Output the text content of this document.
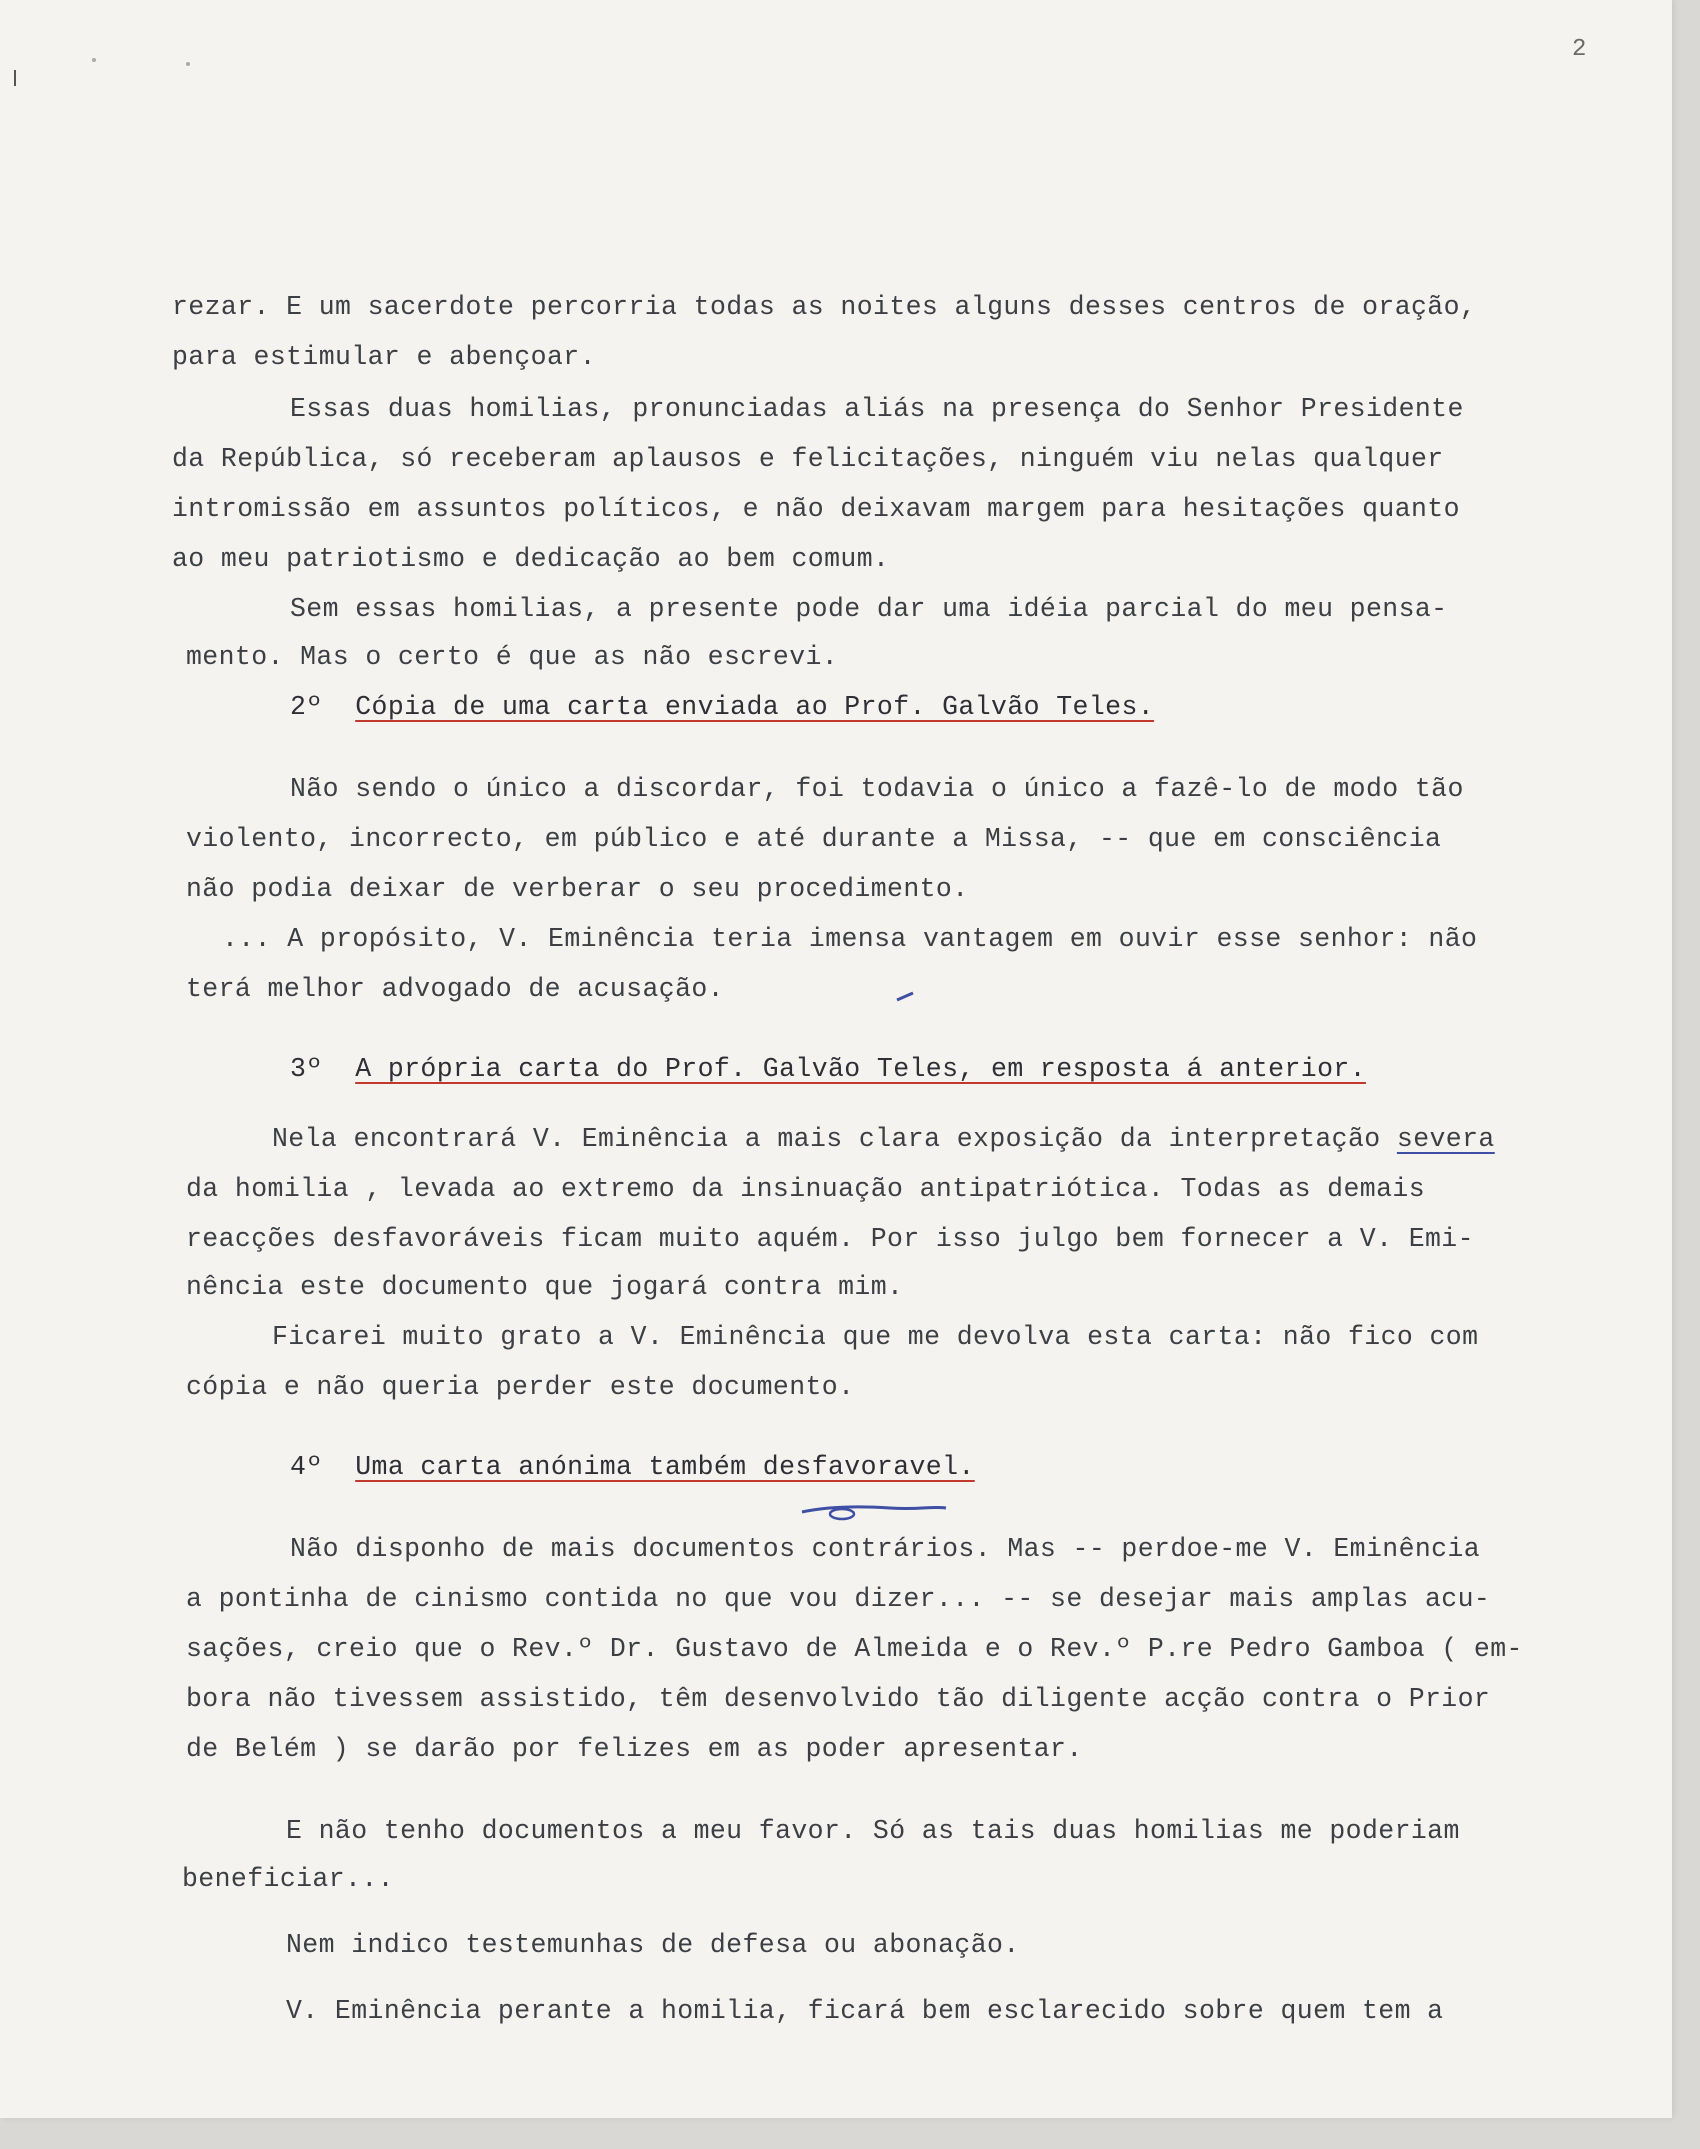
2

rezar. E um sacerdote percorria todas as noites alguns desses centros de oração,

para estimular e abençoar.

Essas duas homilias, pronunciadas aliás na presença do Senhor Presidente

da República, só receberam aplausos e felicitações, ninguém viu nelas qualquer

intromissão em assuntos políticos, e não deixavam margem para hesitações quanto

ao meu patriotismo e dedicação ao bem comum.

Sem essas homilias, a presente pode dar uma idéia parcial do meu pensa-

mento. Mas o certo é que as não escrevi.

2º Cópia de uma carta enviada ao Prof. Galvão Teles.

Não sendo o único a discordar, foi todavia o único a fazê-lo de modo tão

violento, incorrecto, em público e até durante a Missa, -- que em consciência

não podia deixar de verberar o seu procedimento.

... A propósito, V. Eminência teria imensa vantagem em ouvir esse senhor: não

terá melhor advogado de acusação.

3º A própria carta do Prof. Galvão Teles, em resposta á anterior.

Nela encontrará V. Eminência a mais clara exposição da interpretação severa

da homilia , levada ao extremo da insinuação antipatriótica. Todas as demais

reacções desfavoráveis ficam muito aquém. Por isso julgo bem fornecer a V. Emi-

nência este documento que jogará contra mim.

Ficarei muito grato a V. Eminência que me devolva esta carta: não fico com

cópia e não queria perder este documento.

4º Uma carta anónima também desfavoravel.

Não disponho de mais documentos contrários. Mas -- perdoe-me V. Eminência

a pontinha de cinismo contida no que vou dizer... -- se desejar mais amplas acu-

sações, creio que o Rev.º Dr. Gustavo de Almeida e o Rev.º P.re Pedro Gamboa ( em-

bora não tivessem assistido, têm desenvolvido tão diligente acção contra o Prior

de Belém ) se darão por felizes em as poder apresentar.

E não tenho documentos a meu favor. Só as tais duas homilias me poderiam

beneficiar...

Nem indico testemunhas de defesa ou abonação.

V. Eminência perante a homilia, ficará bem esclarecido sobre quem tem a
